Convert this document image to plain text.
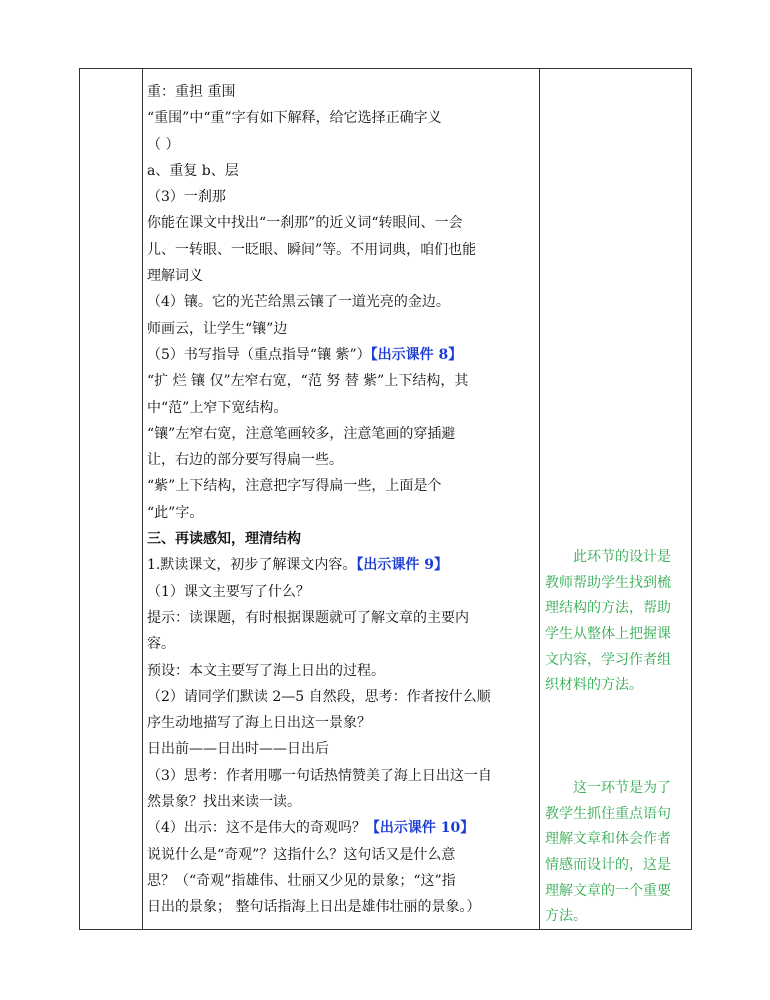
重：重担 重围
“重围”中“重”字有如下解释，给它选择正确字义
（ ）
a、重复 b、层
（3）一刹那
你能在课文中找出“一刹那”的近义词“转眼间、一会
儿、一转眼、一眨眼、瞬间”等。不用词典，咱们也能
理解词义
（4）镶。它的光芒给黑云镶了一道光亮的金边。
师画云，让学生“镶”边
（5）书写指导（重点指导“镶 紫”）【出示课件 8】
“扩 烂 镶 仅”左窄右宽，“范 努 替 紫”上下结构，其
中“范”上窄下宽结构。
“镶”左窄右宽，注意笔画较多，注意笔画的穿插避
让，右边的部分要写得扁一些。
“紫”上下结构，注意把字写得扁一些，上面是个
“此”字。
三、再读感知，理清结构
1.默读课文，初步了解课文内容。【出示课件 9】
（1）课文主要写了什么？
提示：读课题，有时根据课题就可了解文章的主要内
容。
预设：本文主要写了海上日出的过程。
（2）请同学们默读 2—5 自然段，思考：作者按什么顺
序生动地描写了海上日出这一景象？
日出前——日出时——日出后
（3）思考：作者用哪一句话热情赞美了海上日出这一自
然景象？找出来读一读。
（4）出示：这不是伟大的奇观吗？【出示课件 10】
说说什么是“奇观”？这指什么？这句话又是什么意
思？（“奇观”指雄伟、壮丽又少见的景象；“这”指
日出的景象； 整句话指海上日出是雄伟壮丽的景象。）
此环节的设计是
教师帮助学生找到梳
理结构的方法，帮助
学生从整体上把握课
文内容，学习作者组
织材料的方法。
这一环节是为了
教学生抓住重点语句
理解文章和体会作者
情感而设计的，这是
理解文章的一个重要
方法。
